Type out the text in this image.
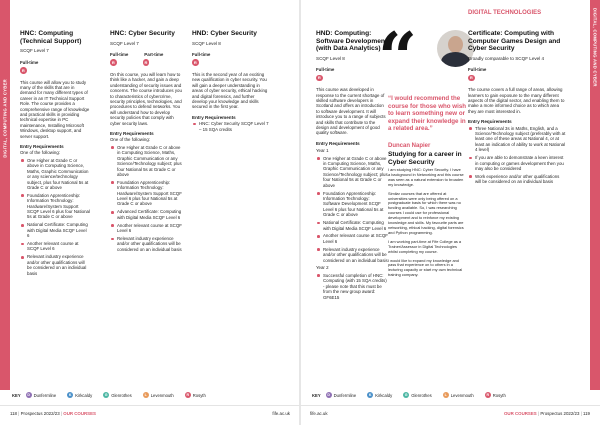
DIGITAL, COMPUTING AND CYBER
DIGITAL, COMPUTING AND CYBER
HNC: Computing (Technical Support)
SCQF Level 7
Full-time
R
This course will allow you to study many of the skills that are in demand for many different types of career in an IT Technical Support Role. The course provides a comprehensive range of knowledge and practical skills in providing technical expertise in PC maintenance, Installing Microsoft Windows, desktop support, and server support.
Entry Requirements
One of the following:
One Higher at Grade C or above in Computing Science, Maths, Graphic Communication or any science/technology subject, plus four National 5s at Grade C or above
Foundation Apprenticeship: Information Technology: Hardware/System Support SCQF Level 6 plus four National 5s at Grade C or above
National Certificate: Computing with Digital Media SCQF Level 6
Another relevant course at SCQF Level 6
Relevant industry experience and/or other qualifications will be considered on an individual basis
HNC: Cyber Security
SCQF Level 7
Full-time	Part-time
R	R
On this course, you will learn how to think like a hacker, and gain a deep understanding of security issues and concerns. The course introduces you to characteristics of cybercrime, security principles, technologies, and procedures to defend networks. You will understand how to develop security policies that comply with cyber security laws.
Entry Requirements
One of the following:
One Higher at Grade C or above in Computing Science, Maths, Graphic Communication or any Science/Technology subject; plus four National 5s at Grade C or above
Foundation Apprenticeship: Information Technology: Hardware/System Support SCQF Level 6 plus four National 5s at Grade C or above
Advanced Certificate: Computing with Digital Media SCQF Level 6
Another relevant course at SCQF Level 6
Relevant industry experience and/or other qualifications will be considered on an individual basis
HND: Cyber Security
SCQF Level 8
Full-time
R
This is the second year of an exciting new qualification in cyber security. You will gain a deeper understanding in areas of cyber security, ethical hacking and digital forensics, and further develop your knowledge and skills secured in the first year.
Entry Requirements
HNC: Cyber Security SCQF Level 7 – 15 SQA credits
HND: Computing: Software Development (with Data Analytics)
SCQF Level 8
Full-time
R
This course was developed in response to the current shortage of skilled software developers in Scotland and offers an introduction to software development. It will introduce you to a range of subjects and skills that contribute to the design and development of good quality software.
Entry Requirements
Year 1
One Higher at Grade C or above in Computing Science, Maths, Graphic Communication or any Science/Technology subject; plus four National 5s at Grade C or above
Foundation Apprenticeship: Information Technology: Software Development SCQF Level 6 plus four National 5s at Grade C or above
National Certificate: Computing with Digital Media SCQF Level 6
Another relevant course at SCQF Level 6
Relevant industry experience and/or other qualifications will be considered on an individual basis
Year 2
Successful completion of HNC: Computing (with 15 SQA credits) - please note that this must be from the new group award: GF6E15
“
“I would recommend the course for those who wish to learn something new or expand their knowledge in a related area.”
Duncan Napier
Studying for a career in Cyber Security

I am studying HNC: Cyber Security. I have a background in Networking and this course was seen as a natural extension to broaden my knowledge.

Similar courses that are offered at universities were only being offered on a postgraduate basis for which there was no funding available. So, I was researching courses I could use for professional development and to reinforce my existing knowledge and skills. My favourite parts are networking, ethical hacking, digital forensics and Python programming.

I am working part-time at Fife College as a Trainer/Assessor in Digital Technologies whilst completing my course.

I would like to expand my knowledge and pass that experience on to others in a lecturing capacity or start my own technical training company.

DIGITAL TECHNOLOGIES
Certificate: Computing with Computer Games Design and Cyber Security
Broadly comparable to SCQF Level 4
Full-time
R
The course covers a full range of areas, allowing learners to gain exposure to the many different aspects of the digital sector, and enabling them to make a more informed choice as to which area they are most interested in.
Entry Requirements
Three National 3s in Maths, English, and a Science/Technology subject (preferably with at least one of these areas at National 4, or at least an indication of ability to work at National 4 level)
If you are able to demonstrate a keen interest in computing or games development then you may also be considered
Work experience and/or other qualifications will be considered on an individual basis
KEY	D Dunfermline	K Kirkcaldy	G Glenrothes	L Levenmouth	R Rosyth	KEY	D Dunfermline	K Kirkcaldy	G Glenrothes	L Levenmouth	R Rosyth
118 | Prospectus 2022/23 | OUR COURSES	fife.ac.uk	fife.ac.uk	OUR COURSES | Prospectus 2022/23 | 119
